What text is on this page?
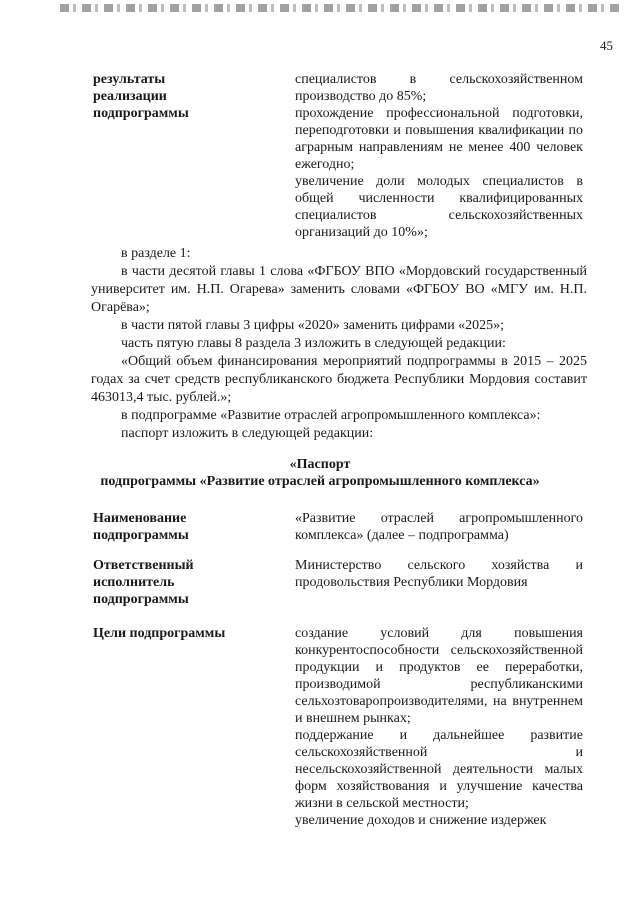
45
результаты
реализации
подпрограммы

специалистов в сельскохозяйственном производство до 85%;

прохождение профессиональной подготовки, переподготовки и повышения квалификации по аграрным направлениям не менее 400 человек ежегодно;

увеличение доли молодых специалистов в общей численности квалифицированных специалистов сельскохозяйственных организаций до 10%»;

в разделе 1:

в части десятой главы 1 слова «ФГБОУ ВПО «Мордовский государственный университет им. Н.П. Огарева» заменить словами «ФГБОУ ВО «МГУ им. Н.П. Огарёва»;

в части пятой главы 3 цифры «2020» заменить цифрами «2025»;

часть пятую главы 8 раздела 3 изложить в следующей редакции:

«Общий объем финансирования мероприятий подпрограммы в 2015 – 2025 годах за счет средств республиканского бюджета Республики Мордовия составит 463013,4 тыс. рублей.»;

в подпрограмме «Развитие отраслей агропромышленного комплекса»:

паспорт изложить в следующей редакции:

«Паспорт
подпрограммы «Развитие отраслей агропромышленного комплекса»
Наименование
подпрограммы
«Развитие отраслей агропромышленного комплекса» (далее – подпрограмма)
Ответственный
исполнитель
подпрограммы
Министерство сельского хозяйства и продовольствия Республики Мордовия
Цели подпрограммы	создание условий для повышения конкурентоспособности сельскохозяйственной продукции и продуктов ее переработки, производимой республиканскими сельхозтоваропроизводителями, на внутреннем и внешнем рынках;

поддержание и дальнейшее развитие сельскохозяйственной и несельскохозяйственной деятельности малых форм хозяйствования и улучшение качества жизни в сельской местности;

увеличение доходов и снижение издержек
